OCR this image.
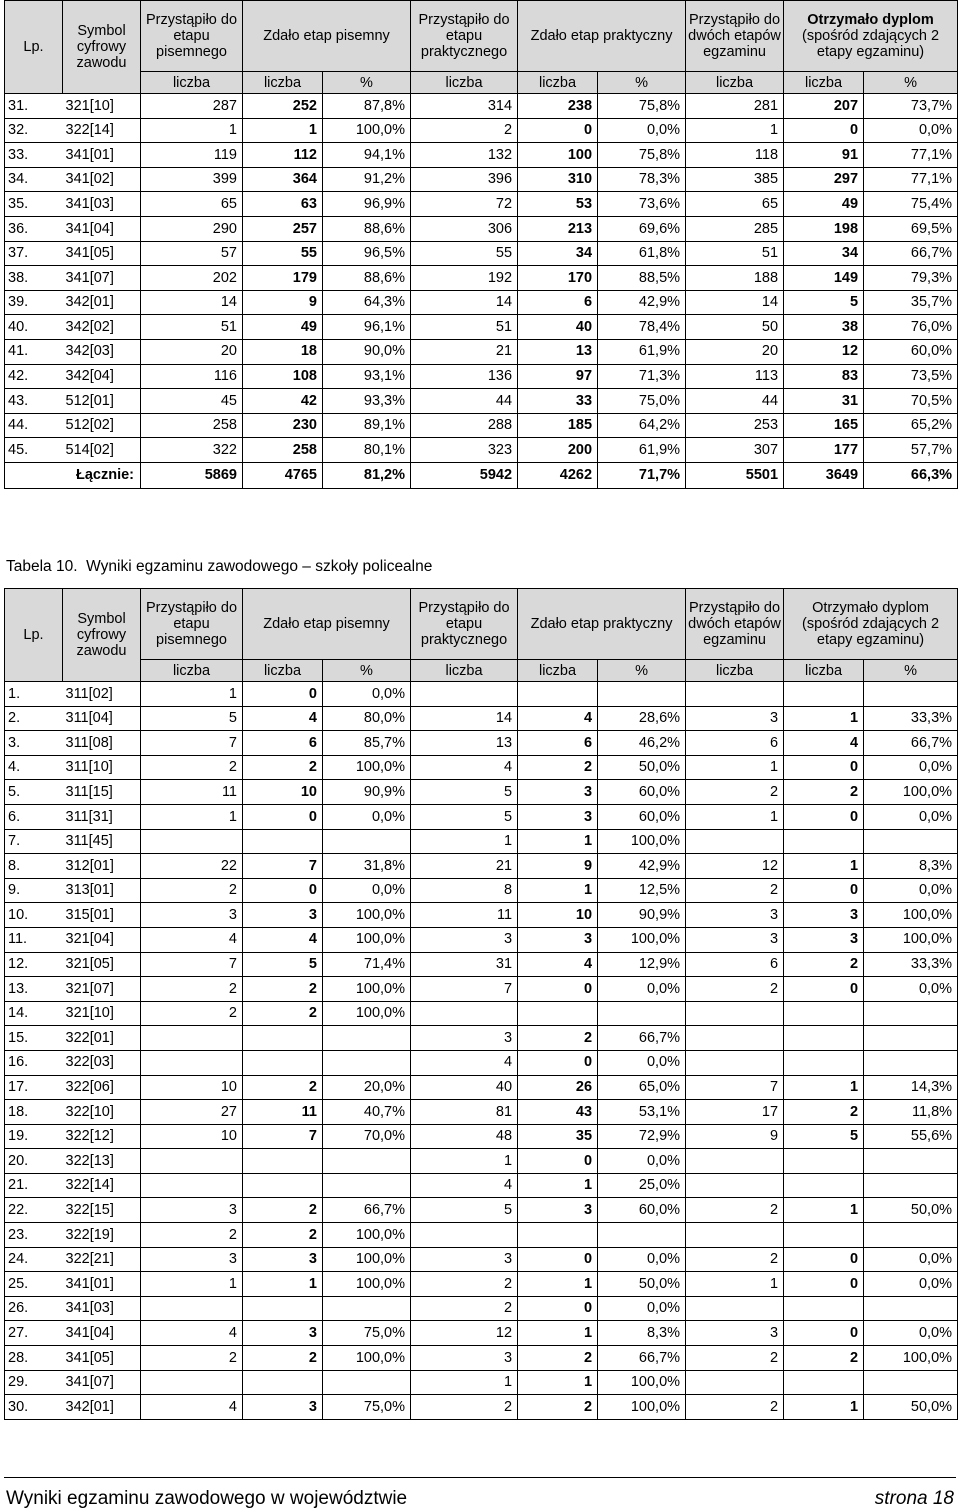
Lp.	Symbol cyfrowy zawodu	Przystąpiło do etapu pisemnego	Zdało etap pisemny		Przystąpiło do etapu praktycznego	Zdało etap praktyczny		Przystąpiło do dwóch etapów egzaminu	Otrzymało dyplom
(spośród zdających 2 etapy egzaminu)	
		liczba	liczba	%	liczba	liczba	%	liczba	liczba	%
31.	321[10]	287	252	87,8%	314	238	75,8%	281	207	73,7%
32.	322[14]	1	1	100,0%	2	0	0,0%	1	0	0,0%
33.	341[01]	119	112	94,1%	132	100	75,8%	118	91	77,1%
34.	341[02]	399	364	91,2%	396	310	78,3%	385	297	77,1%
35.	341[03]	65	63	96,9%	72	53	73,6%	65	49	75,4%
36.	341[04]	290	257	88,6%	306	213	69,6%	285	198	69,5%
37.	341[05]	57	55	96,5%	55	34	61,8%	51	34	66,7%
38.	341[07]	202	179	88,6%	192	170	88,5%	188	149	79,3%
39.	342[01]	14	9	64,3%	14	6	42,9%	14	5	35,7%
40.	342[02]	51	49	96,1%	51	40	78,4%	50	38	76,0%
41.	342[03]	20	18	90,0%	21	13	61,9%	20	12	60,0%
42.	342[04]	116	108	93,1%	136	97	71,3%	113	83	73,5%
43.	512[01]	45	42	93,3%	44	33	75,0%	44	31	70,5%
44.	512[02]	258	230	89,1%	288	185	64,2%	253	165	65,2%
45.	514[02]	322	258	80,1%	323	200	61,9%	307	177	57,7%
Łącznie:		5869	4765	81,2%	5942	4262	71,7%	5501	3649	66,3%
Tabela 10. Wyniki egzaminu zawodowego – szkoły policealne
Lp.	Symbol cyfrowy zawodu	Przystąpiło do etapu pisemnego	Zdało etap pisemny		Przystąpiło do etapu praktycznego	Zdało etap praktyczny		Przystąpiło do dwóch etapów egzaminu	Otrzymało dyplom
(spośród zdających 2 etapy egzaminu)	
		liczba	liczba	%	liczba	liczba	%	liczba	liczba	%
1.	311[02]	1	0	0,0%						
2.	311[04]	5	4	80,0%	14	4	28,6%	3	1	33,3%
3.	311[08]	7	6	85,7%	13	6	46,2%	6	4	66,7%
4.	311[10]	2	2	100,0%	4	2	50,0%	1	0	0,0%
5.	311[15]	11	10	90,9%	5	3	60,0%	2	2	100,0%
6.	311[31]	1	0	0,0%	5	3	60,0%	1	0	0,0%
7.	311[45]				1	1	100,0%			
8.	312[01]	22	7	31,8%	21	9	42,9%	12	1	8,3%
9.	313[01]	2	0	0,0%	8	1	12,5%	2	0	0,0%
10.	315[01]	3	3	100,0%	11	10	90,9%	3	3	100,0%
11.	321[04]	4	4	100,0%	3	3	100,0%	3	3	100,0%
12.	321[05]	7	5	71,4%	31	4	12,9%	6	2	33,3%
13.	321[07]	2	2	100,0%	7	0	0,0%	2	0	0,0%
14.	321[10]	2	2	100,0%						
15.	322[01]				3	2	66,7%			
16.	322[03]				4	0	0,0%			
17.	322[06]	10	2	20,0%	40	26	65,0%	7	1	14,3%
18.	322[10]	27	11	40,7%	81	43	53,1%	17	2	11,8%
19.	322[12]	10	7	70,0%	48	35	72,9%	9	5	55,6%
20.	322[13]				1	0	0,0%			
21.	322[14]				4	1	25,0%			
22.	322[15]	3	2	66,7%	5	3	60,0%	2	1	50,0%
23.	322[19]	2	2	100,0%						
24.	322[21]	3	3	100,0%	3	0	0,0%	2	0	0,0%
25.	341[01]	1	1	100,0%	2	1	50,0%	1	0	0,0%
26.	341[03]				2	0	0,0%			
27.	341[04]	4	3	75,0%	12	1	8,3%	3	0	0,0%
28.	341[05]	2	2	100,0%	3	2	66,7%	2	2	100,0%
29.	341[07]				1	1	100,0%			
30.	342[01]	4	3	75,0%	2	2	100,0%	2	1	50,0%
Wyniki egzaminu zawodowego w województwie	strona 18
